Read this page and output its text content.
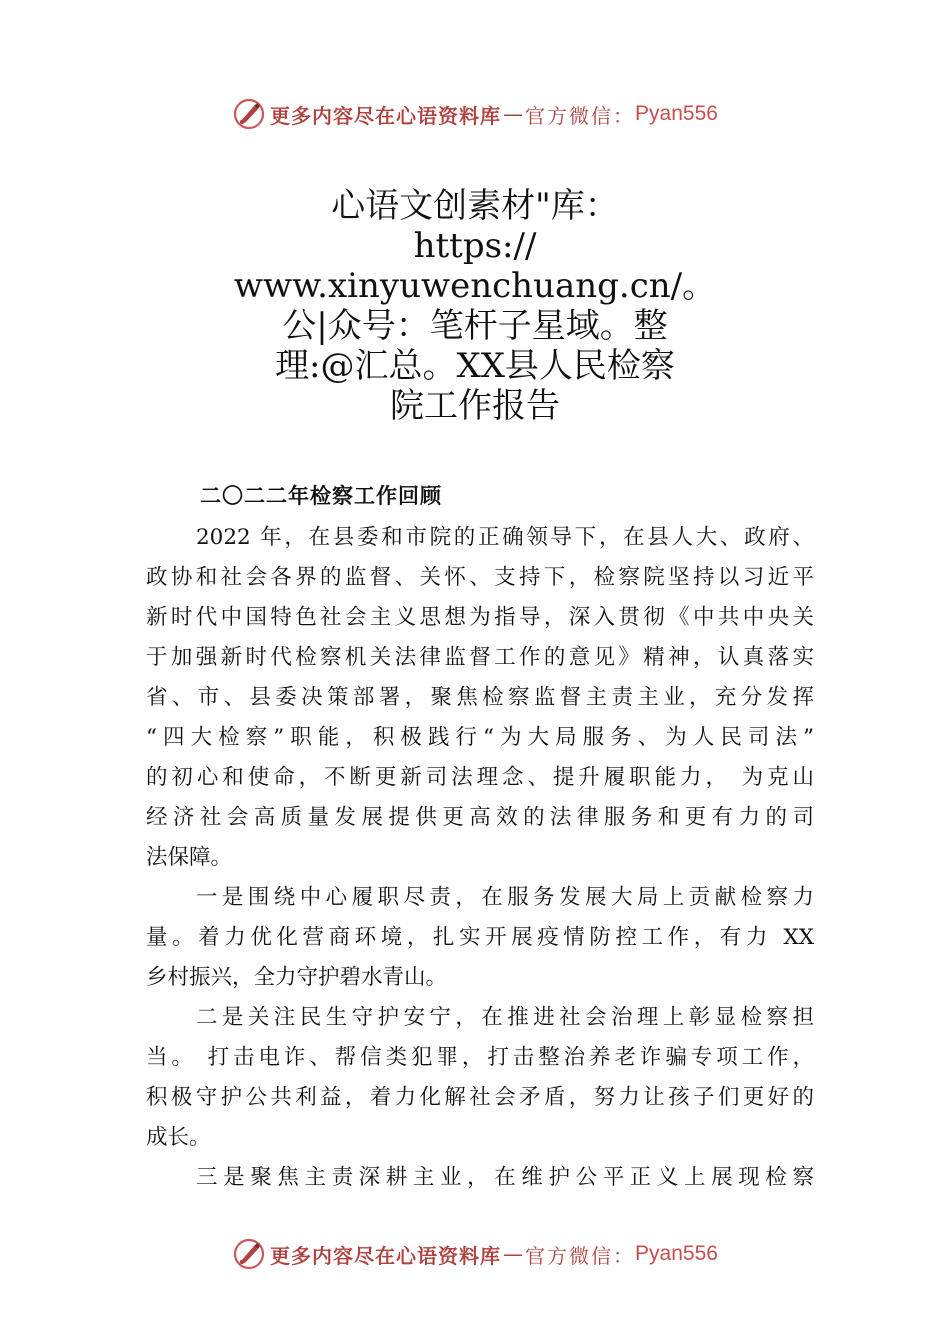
更多内容尽在心语资料库 — 官方微信： Pyan556
心语文创素材"库：
https://
www.xinyuwenchuang.cn/。
公|众号：笔杆子星域。整
理:@汇总。XX县人民检察
院工作报告
二〇二二年检察工作回顾
2022 年，在县委和市院的正确领导下，在县人大、政府、
政协和社会各界的监督、关怀、支持下，检察院坚持以习近平
新时代中国特色社会主义思想为指导，深入贯彻《中共中央关
于加强新时代检察机关法律监督工作的意见》精神，认真落实
省、市、县委决策部署，聚焦检察监督主责主业，充分发挥
“四大检察”职能，积极践行“为大局服务、为人民司法”
的初心和使命，不断更新司法理念、提升履职能力， 为克山
经济社会高质量发展提供更高效的法律服务和更有力的司
法保障。
一是围绕中心履职尽责，在服务发展大局上贡献检察力
量。着力优化营商环境，扎实开展疫情防控工作，有力 XX
乡村振兴，全力守护碧水青山。
二是关注民生守护安宁，在推进社会治理上彰显检察担
当。 打击电诈、帮信类犯罪，打击整治养老诈骗专项工作，
积极守护公共利益，着力化解社会矛盾，努力让孩子们更好的
成长。
三是聚焦主责深耕主业，在维护公平正义上展现检察
更多内容尽在心语资料库 — 官方微信： Pyan556
